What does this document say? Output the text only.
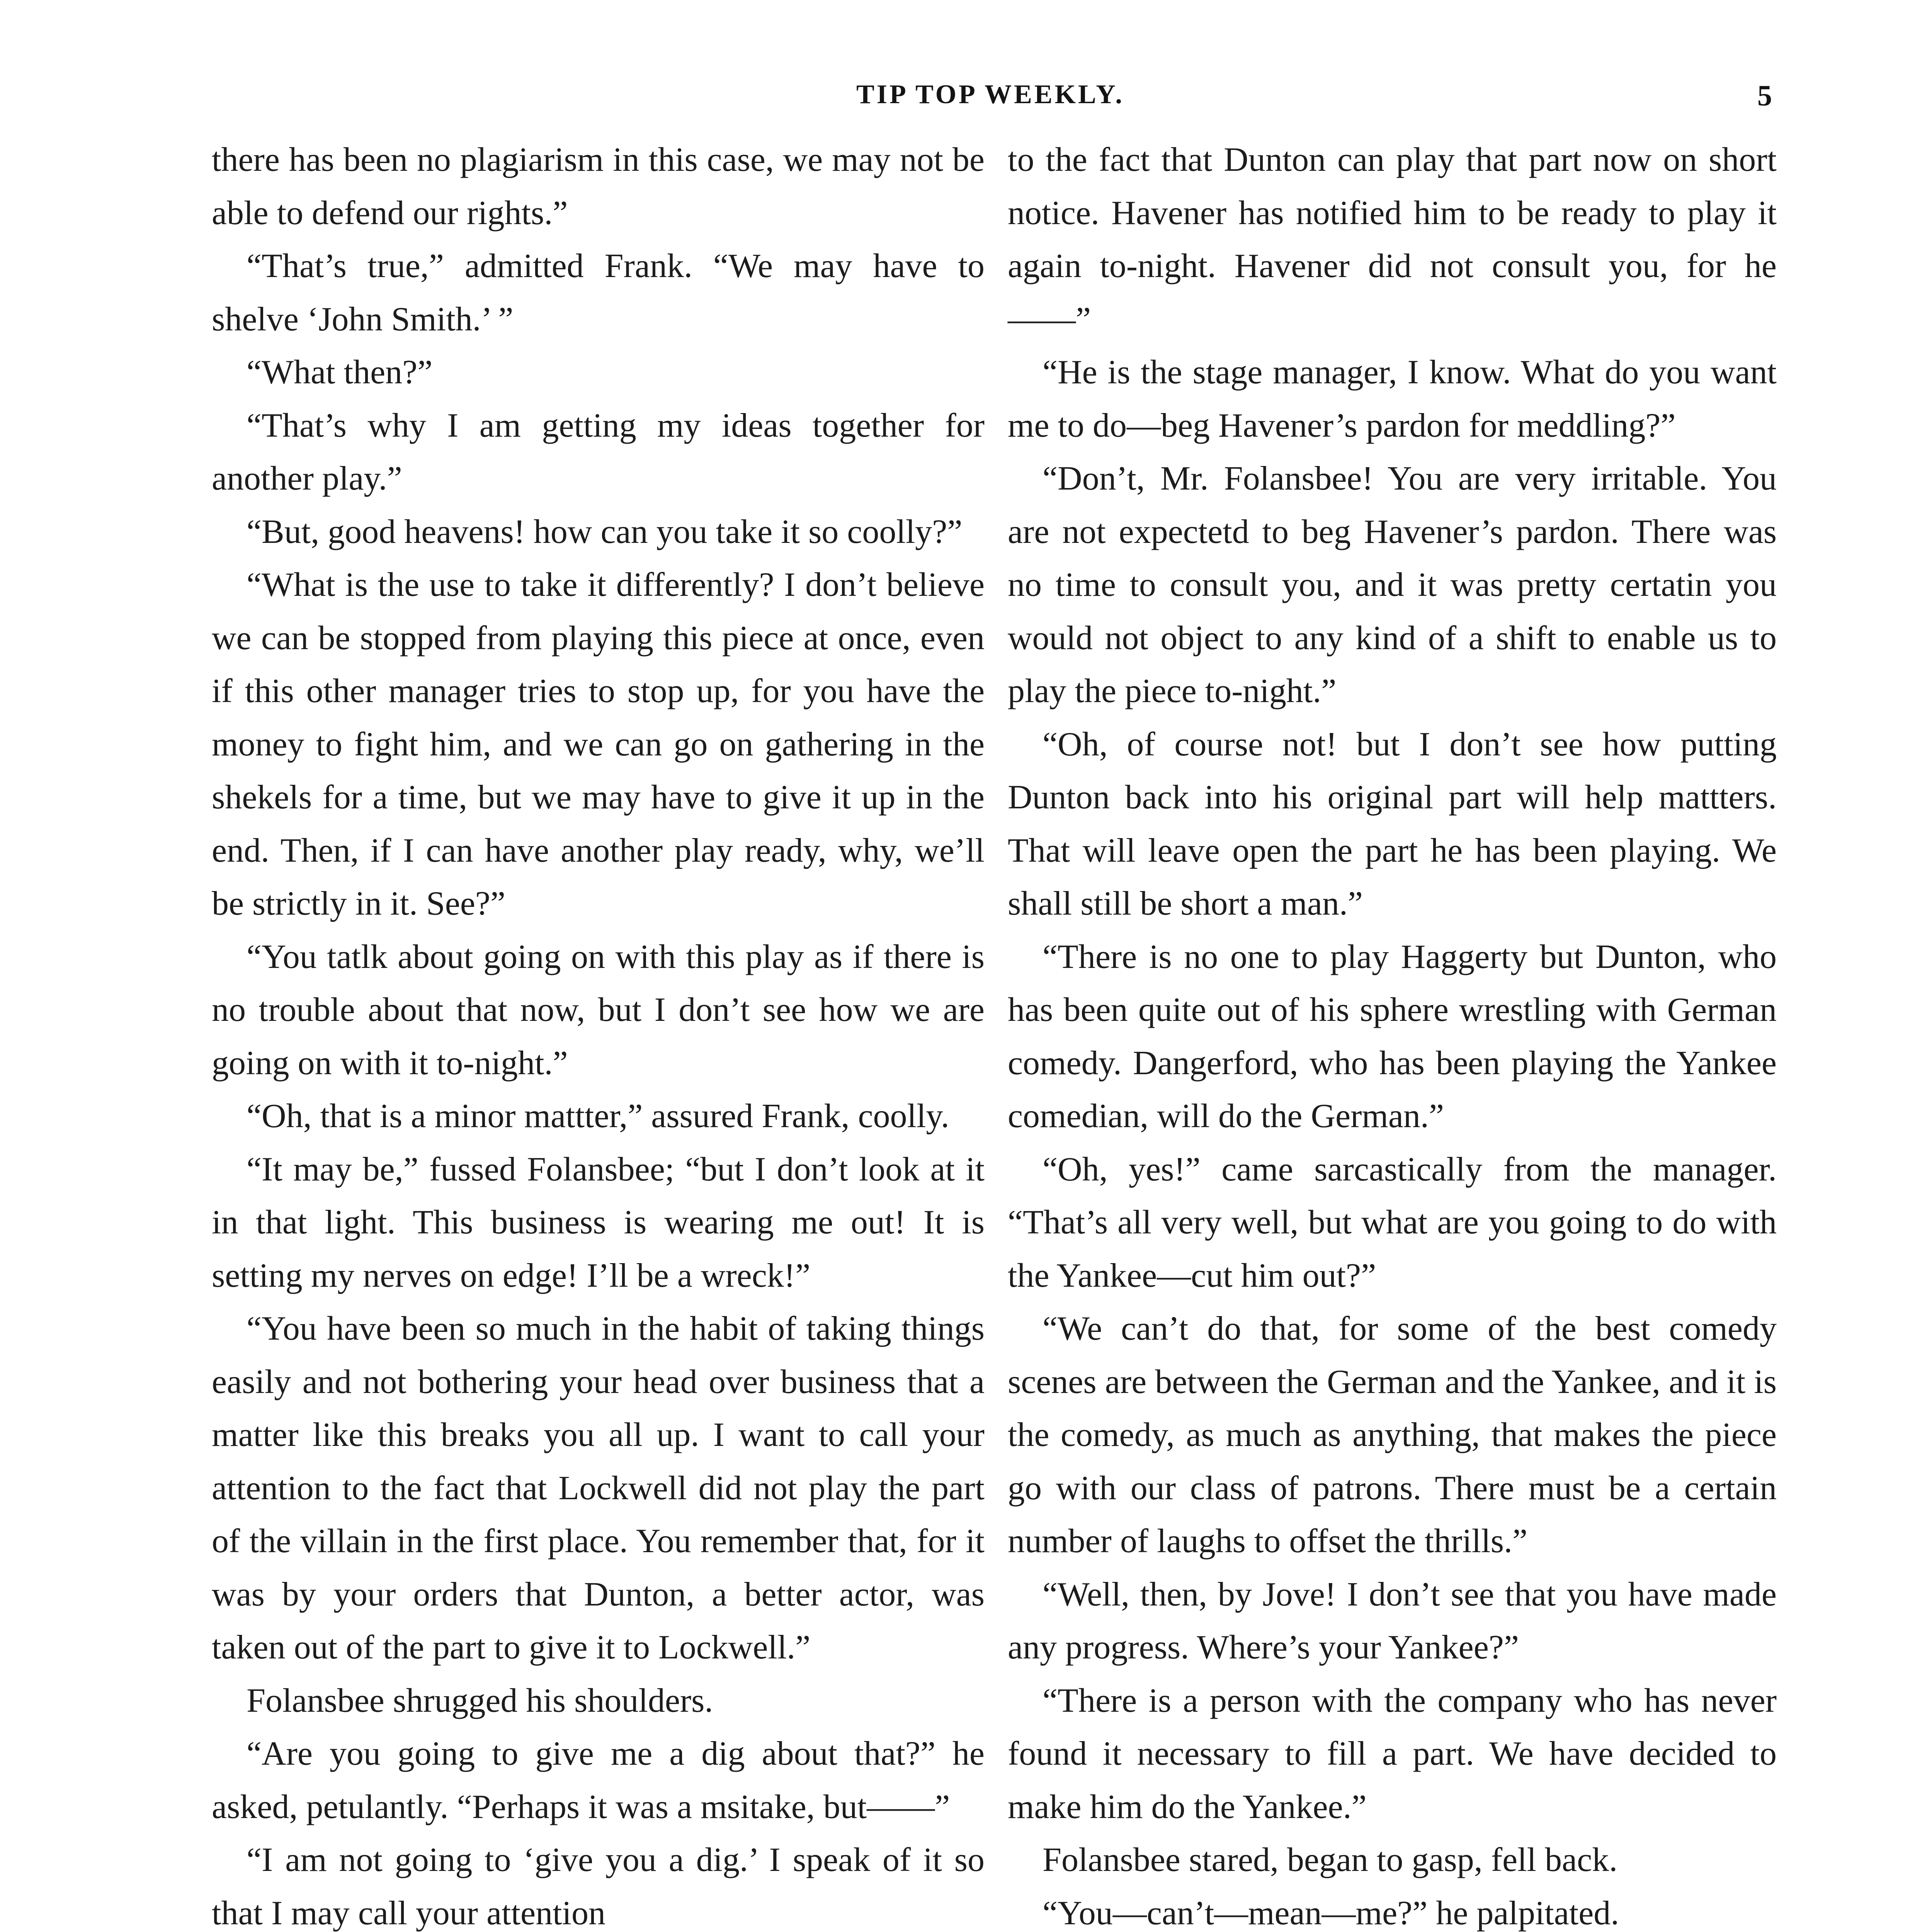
TIP TOP WEEKLY.	5

there has been no plagiarism in this case, we may not be able to defend our rights.”

“That’s true,” admitted Frank. “We may have to shelve ‘John Smith.’ ”

“What then?”

“That’s why I am getting my ideas together for another play.”

“But, good heavens! how can you take it so coolly?”

“What is the use to take it differently? I don’t believe we can be stopped from playing this piece at once, even if this other manager tries to stop up, for you have the money to fight him, and we can go on gathering in the shekels for a time, but we may have to give it up in the end. Then, if I can have another play ready, why, we’ll be strictly in it. See?”

“You tatlk about going on with this play as if there is no trouble about that now, but I don’t see how we are going on with it to-night.”

“Oh, that is a minor mattter,” assured Frank, coolly.

“It may be,” fussed Folansbee; “but I don’t look at it in that light. This business is wearing me out! It is setting my nerves on edge! I’ll be a wreck!”

“You have been so much in the habit of taking things easily and not bothering your head over business that a matter like this breaks you all up. I want to call your attention to the fact that Lockwell did not play the part of the villain in the first place. You remember that, for it was by your orders that Dunton, a better actor, was taken out of the part to give it to Lockwell.”

Folansbee shrugged his shoulders.

“Are you going to give me a dig about that?” he asked, petulantly. “Perhaps it was a msitake, but——”

“I am not going to ‘give you a dig.’ I speak of it so that I may call your attention

to the fact that Dunton can play that part now on short notice. Havener has notified him to be ready to play it again to-night. Havener did not consult you, for he——”

“He is the stage manager, I know. What do you want me to do—beg Havener’s pardon for meddling?”

“Don’t, Mr. Folansbee! You are very irritable. You are not expectetd to beg Havener’s pardon. There was no time to consult you, and it was pretty certatin you would not object to any kind of a shift to enable us to play the piece to-night.”

“Oh, of course not! but I don’t see how putting Dunton back into his original part will help mattters. That will leave open the part he has been playing. We shall still be short a man.”

“There is no one to play Haggerty but Dunton, who has been quite out of his sphere wrestling with German comedy. Dangerford, who has been playing the Yankee comedian, will do the German.”

“Oh, yes!” came sarcastically from the manager. “That’s all very well, but what are you going to do with the Yankee—cut him out?”

“We can’t do that, for some of the best comedy scenes are between the German and the Yankee, and it is the comedy, as much as anything, that makes the piece go with our class of patrons. There must be a certain number of laughs to offset the thrills.”

“Well, then, by Jove! I don’t see that you have made any progress. Where’s your Yankee?”

“There is a person with the company who has never found it necessary to fill a part. We have decided to make him do the Yankee.”

Folansbee stared, began to gasp, fell back.

“You—can’t—mean—me?” he palpitated.
